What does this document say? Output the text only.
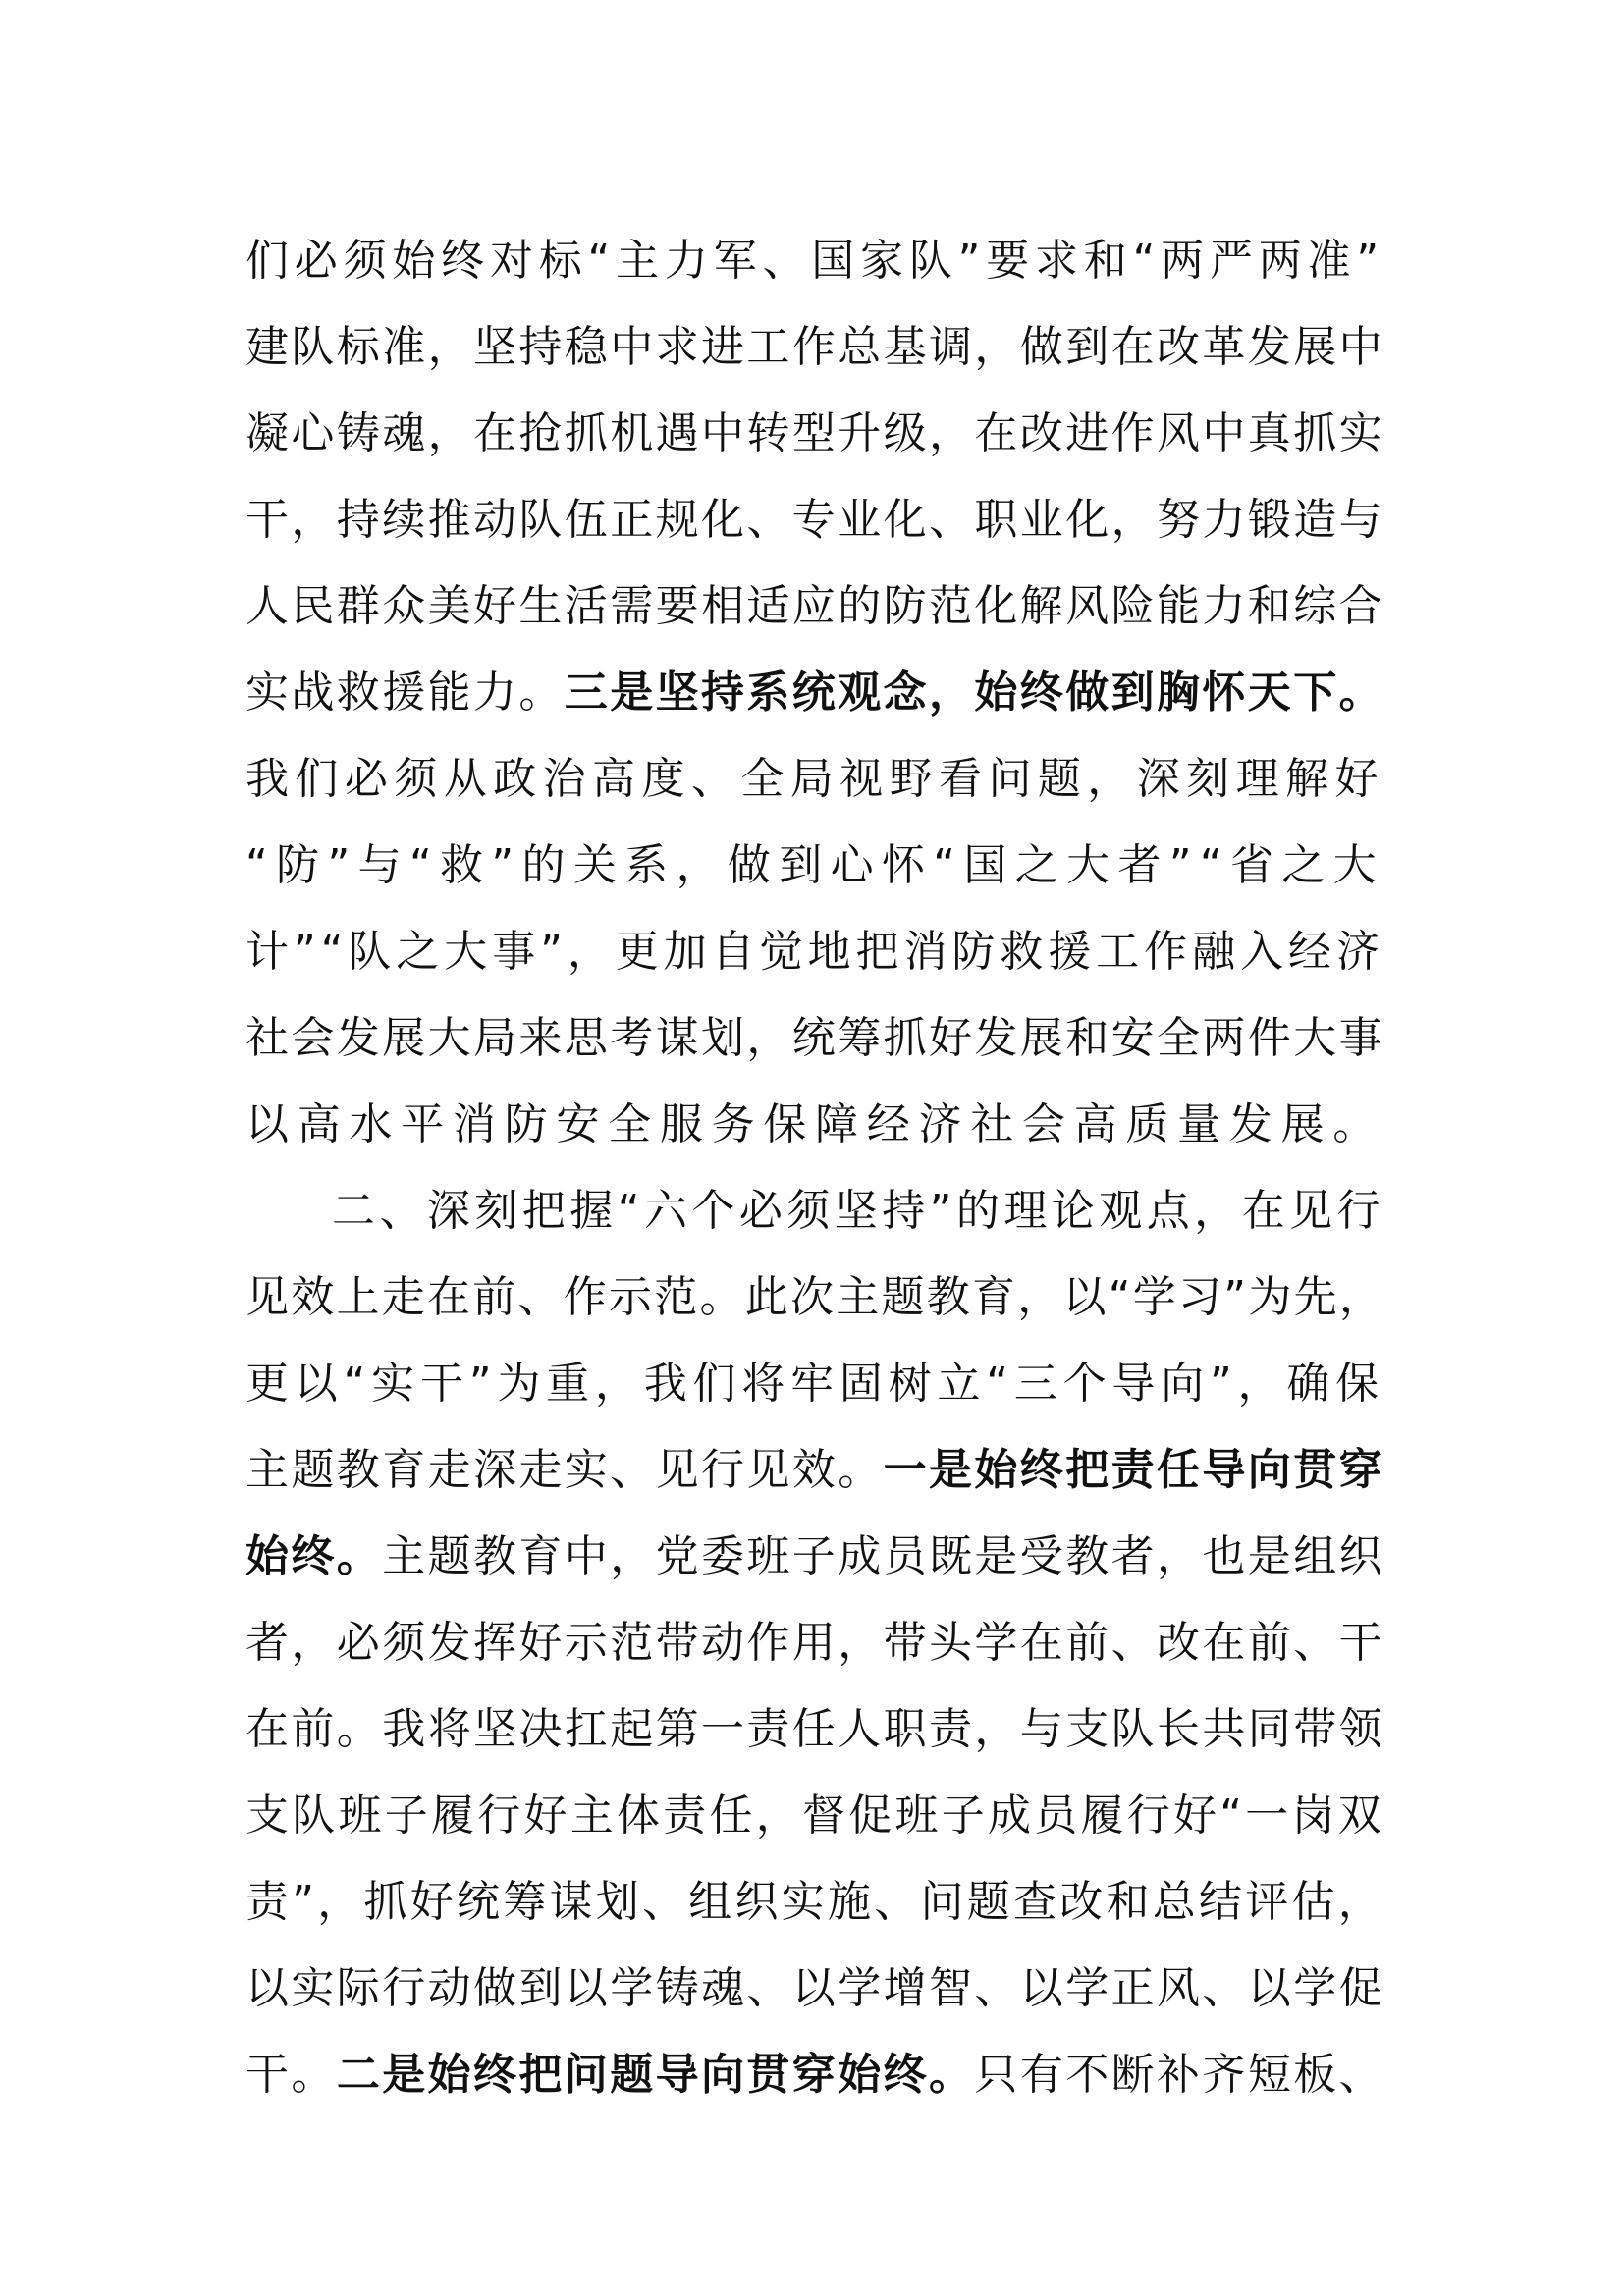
们必须始终对标“主力军、国家队”要求和“两严两准”
建队标准，坚持稳中求进工作总基调，做到在改革发展中
凝心铸魂，在抢抓机遇中转型升级，在改进作风中真抓实
干，持续推动队伍正规化、专业化、职业化，努力锻造与
人民群众美好生活需要相适应的防范化解风险能力和综合
实战救援能力。三是坚持系统观念，始终做到胸怀天下。
我们必须从政治高度、全局视野看问题，深刻理解好
“防”与“救”的关系，做到心怀“国之大者”“省之大
计”“队之大事”，更加自觉地把消防救援工作融入经济
社会发展大局来思考谋划，统筹抓好发展和安全两件大事
以高水平消防安全服务保障经济社会高质量发展。
二、深刻把握“六个必须坚持”的理论观点，在见行
见效上走在前、作示范。此次主题教育，以“学习”为先，
更以“实干”为重，我们将牢固树立“三个导向”，确保
主题教育走深走实、见行见效。一是始终把责任导向贯穿
始终。主题教育中，党委班子成员既是受教者，也是组织
者，必须发挥好示范带动作用，带头学在前、改在前、干
在前。我将坚决扛起第一责任人职责，与支队长共同带领
支队班子履行好主体责任，督促班子成员履行好“一岗双
责”，抓好统筹谋划、组织实施、问题查改和总结评估，
以实际行动做到以学铸魂、以学增智、以学正风、以学促
干。二是始终把问题导向贯穿始终。只有不断补齐短板、
